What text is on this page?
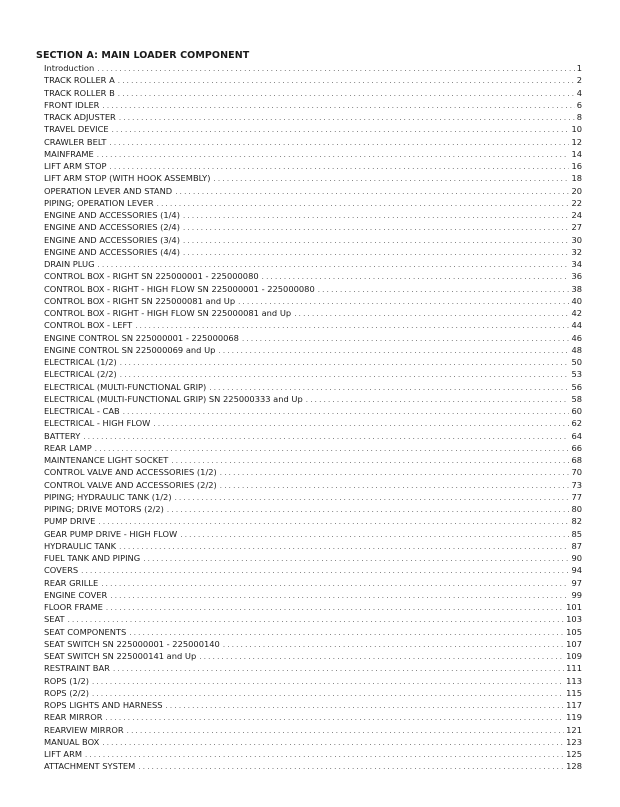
SECTION A: MAIN LOADER COMPONENT
Introduction . . .	1
TRACK ROLLER A . . .	2
TRACK ROLLER B . . .	4
FRONT IDLER . . .	6
TRACK ADJUSTER . . .	8
TRAVEL DEVICE . . .	10
CRAWLER BELT . . .	12
MAINFRAME . . .	14
LIFT ARM STOP . . .	16
LIFT ARM STOP (WITH HOOK ASSEMBLY) . . .	18
OPERATION LEVER AND STAND . . .	20
PIPING; OPERATION LEVER . . .	22
ENGINE AND ACCESSORIES (1/4) . . .	24
ENGINE AND ACCESSORIES (2/4) . . .	27
ENGINE AND ACCESSORIES (3/4) . . .	30
ENGINE AND ACCESSORIES (4/4) . . .	32
DRAIN PLUG . . .	34
CONTROL BOX - RIGHT SN 225000001 - 225000080 . . .	36
CONTROL BOX - RIGHT - HIGH FLOW SN 225000001 - 225000080 . . .	38
CONTROL BOX - RIGHT SN 225000081 and Up . . .	40
CONTROL BOX - RIGHT - HIGH FLOW SN 225000081 and Up . . .	42
CONTROL BOX - LEFT . . .	44
ENGINE CONTROL SN 225000001 - 225000068 . . .	46
ENGINE CONTROL SN 225000069 and Up . . .	48
ELECTRICAL (1/2) . . .	50
ELECTRICAL (2/2) . . .	53
ELECTRICAL (MULTI-FUNCTIONAL GRIP) . . .	56
ELECTRICAL (MULTI-FUNCTIONAL GRIP) SN 225000333 and Up . . .	58
ELECTRICAL - CAB . . .	60
ELECTRICAL - HIGH FLOW . . .	62
BATTERY . . .	64
REAR LAMP . . .	66
MAINTENANCE LIGHT SOCKET . . .	68
CONTROL VALVE AND ACCESSORIES (1/2) . . .	70
CONTROL VALVE AND ACCESSORIES (2/2) . . .	73
PIPING; HYDRAULIC TANK (1/2) . . .	77
PIPING; DRIVE MOTORS (2/2) . . .	80
PUMP DRIVE . . .	82
GEAR PUMP DRIVE - HIGH FLOW . . .	85
HYDRAULIC TANK . . .	87
FUEL TANK AND PIPING . . .	90
COVERS . . .	94
REAR GRILLE . . .	97
ENGINE COVER . . .	99
FLOOR FRAME . . .	101
SEAT . . .	103
SEAT COMPONENTS . . .	105
SEAT SWITCH SN 225000001 - 225000140 . . .	107
SEAT SWITCH SN 225000141 and Up . . .	109
RESTRAINT BAR . . .	111
ROPS (1/2) . . .	113
ROPS (2/2) . . .	115
ROPS LIGHTS AND HARNESS . . .	117
REAR MIRROR . . .	119
REARVIEW MIRROR . . .	121
MANUAL BOX . . .	123
LIFT ARM . . .	125
ATTACHMENT SYSTEM . . .	128
